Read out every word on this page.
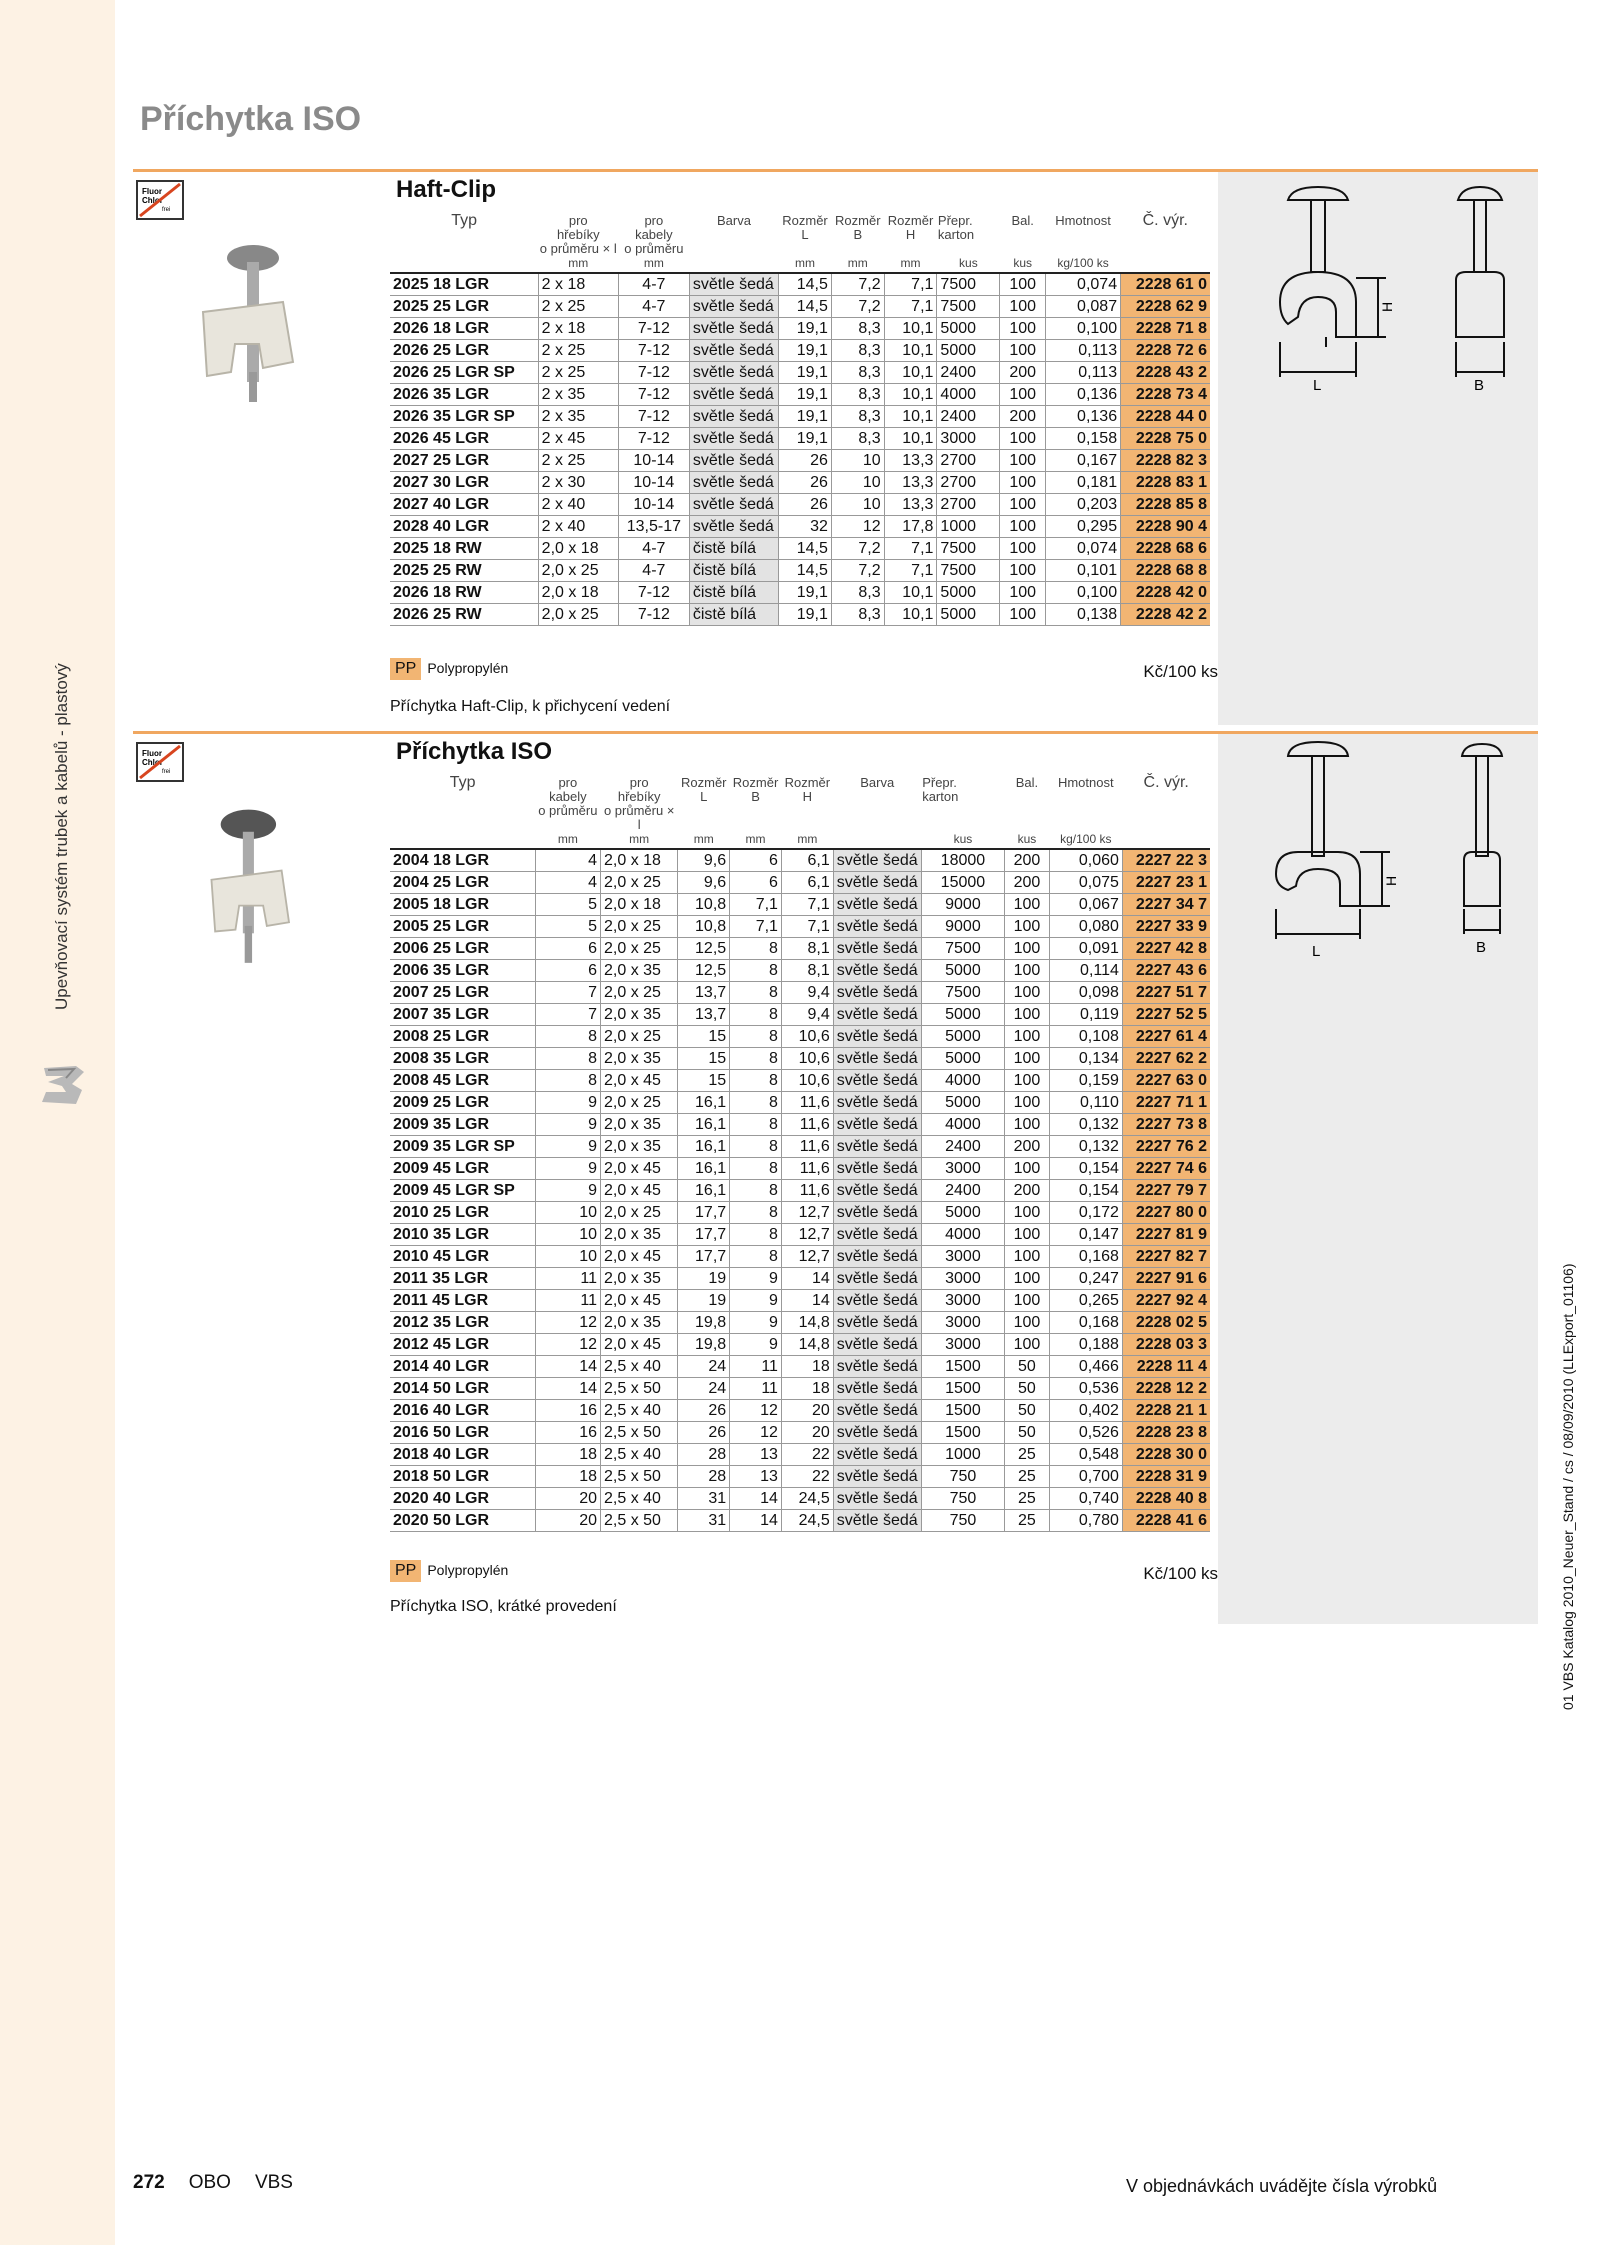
Upevňovací systém trubek a kabelů - plastový
Příchytka ISO
Fluor
Chlor
frei
Haft-Clip
Typ	pro
hřebíky
o průměru × l	pro
kabely
o průměru	Barva	Rozměr
L	Rozměr
B	Rozměr
H	Přepr.
karton	Bal.	Hmotnost	Č. výr.
	mm	mm		mm	mm	mm	kus	kus	kg/100 ks	
2025 18 LGR	2 x 18	4-7	světle šedá	14,5	7,2	7,1	7500	100	0,074	2228 61 0
2025 25 LGR	2 x 25	4-7	světle šedá	14,5	7,2	7,1	7500	100	0,087	2228 62 9
2026 18 LGR	2 x 18	7-12	světle šedá	19,1	8,3	10,1	5000	100	0,100	2228 71 8
2026 25 LGR	2 x 25	7-12	světle šedá	19,1	8,3	10,1	5000	100	0,113	2228 72 6
2026 25 LGR SP	2 x 25	7-12	světle šedá	19,1	8,3	10,1	2400	200	0,113	2228 43 2
2026 35 LGR	2 x 35	7-12	světle šedá	19,1	8,3	10,1	4000	100	0,136	2228 73 4
2026 35 LGR SP	2 x 35	7-12	světle šedá	19,1	8,3	10,1	2400	200	0,136	2228 44 0
2026 45 LGR	2 x 45	7-12	světle šedá	19,1	8,3	10,1	3000	100	0,158	2228 75 0
2027 25 LGR	2 x 25	10-14	světle šedá	26	10	13,3	2700	100	0,167	2228 82 3
2027 30 LGR	2 x 30	10-14	světle šedá	26	10	13,3	2700	100	0,181	2228 83 1
2027 40 LGR	2 x 40	10-14	světle šedá	26	10	13,3	2700	100	0,203	2228 85 8
2028 40 LGR	2 x 40	13,5-17	světle šedá	32	12	17,8	1000	100	0,295	2228 90 4
2025 18 RW	2,0 x 18	4-7	čistě bílá	14,5	7,2	7,1	7500	100	0,074	2228 68 6
2025 25 RW	2,0 x 25	4-7	čistě bílá	14,5	7,2	7,1	7500	100	0,101	2228 68 8
2026 18 RW	2,0 x 18	7-12	čistě bílá	19,1	8,3	10,1	5000	100	0,100	2228 42 0
2026 25 RW	2,0 x 25	7-12	čistě bílá	19,1	8,3	10,1	5000	100	0,138	2228 42 2
PP Polypropylén	Kč/100 ks
Příchytka Haft-Clip, k přichycení vedení
H
L	B
Fluor
Chlor
frei
Příchytka ISO
Typ	pro
kabely
o průměru	pro
hřebíky
o průměru × l	Rozměr
L	Rozměr
B	Rozměr
H	Barva	Přepr.
karton	Bal.	Hmotnost	Č. výr.
	mm	mm	mm	mm	mm		kus	kus	kg/100 ks	
2004 18 LGR	4	2,0 x 18	9,6	6	6,1	světle šedá	18000	200	0,060	2227 22 3
2004 25 LGR	4	2,0 x 25	9,6	6	6,1	světle šedá	15000	200	0,075	2227 23 1
2005 18 LGR	5	2,0 x 18	10,8	7,1	7,1	světle šedá	9000	100	0,067	2227 34 7
2005 25 LGR	5	2,0 x 25	10,8	7,1	7,1	světle šedá	9000	100	0,080	2227 33 9
2006 25 LGR	6	2,0 x 25	12,5	8	8,1	světle šedá	7500	100	0,091	2227 42 8
2006 35 LGR	6	2,0 x 35	12,5	8	8,1	světle šedá	5000	100	0,114	2227 43 6
2007 25 LGR	7	2,0 x 25	13,7	8	9,4	světle šedá	7500	100	0,098	2227 51 7
2007 35 LGR	7	2,0 x 35	13,7	8	9,4	světle šedá	5000	100	0,119	2227 52 5
2008 25 LGR	8	2,0 x 25	15	8	10,6	světle šedá	5000	100	0,108	2227 61 4
2008 35 LGR	8	2,0 x 35	15	8	10,6	světle šedá	5000	100	0,134	2227 62 2
2008 45 LGR	8	2,0 x 45	15	8	10,6	světle šedá	4000	100	0,159	2227 63 0
2009 25 LGR	9	2,0 x 25	16,1	8	11,6	světle šedá	5000	100	0,110	2227 71 1
2009 35 LGR	9	2,0 x 35	16,1	8	11,6	světle šedá	4000	100	0,132	2227 73 8
2009 35 LGR SP	9	2,0 x 35	16,1	8	11,6	světle šedá	2400	200	0,132	2227 76 2
2009 45 LGR	9	2,0 x 45	16,1	8	11,6	světle šedá	3000	100	0,154	2227 74 6
2009 45 LGR SP	9	2,0 x 45	16,1	8	11,6	světle šedá	2400	200	0,154	2227 79 7
2010 25 LGR	10	2,0 x 25	17,7	8	12,7	světle šedá	5000	100	0,172	2227 80 0
2010 35 LGR	10	2,0 x 35	17,7	8	12,7	světle šedá	4000	100	0,147	2227 81 9
2010 45 LGR	10	2,0 x 45	17,7	8	12,7	světle šedá	3000	100	0,168	2227 82 7
2011 35 LGR	11	2,0 x 35	19	9	14	světle šedá	3000	100	0,247	2227 91 6
2011 45 LGR	11	2,0 x 45	19	9	14	světle šedá	3000	100	0,265	2227 92 4
2012 35 LGR	12	2,0 x 35	19,8	9	14,8	světle šedá	3000	100	0,168	2228 02 5
2012 45 LGR	12	2,0 x 45	19,8	9	14,8	světle šedá	3000	100	0,188	2228 03 3
2014 40 LGR	14	2,5 x 40	24	11	18	světle šedá	1500	50	0,466	2228 11 4
2014 50 LGR	14	2,5 x 50	24	11	18	světle šedá	1500	50	0,536	2228 12 2
2016 40 LGR	16	2,5 x 40	26	12	20	světle šedá	1500	50	0,402	2228 21 1
2016 50 LGR	16	2,5 x 50	26	12	20	světle šedá	1500	50	0,526	2228 23 8
2018 40 LGR	18	2,5 x 40	28	13	22	světle šedá	1000	25	0,548	2228 30 0
2018 50 LGR	18	2,5 x 50	28	13	22	světle šedá	750	25	0,700	2228 31 9
2020 40 LGR	20	2,5 x 40	31	14	24,5	světle šedá	750	25	0,740	2228 40 8
2020 50 LGR	20	2,5 x 50	31	14	24,5	světle šedá	750	25	0,780	2228 41 6
PP Polypropylén	Kč/100 ks
Příchytka ISO, krátké provedení
H
L	B
01 VBS Katalog 2010_Neuer_Stand / cs / 08/09/2010 (LLExport_01106)
272 OBO VBS	V objednávkách uvádějte čísla výrobků
